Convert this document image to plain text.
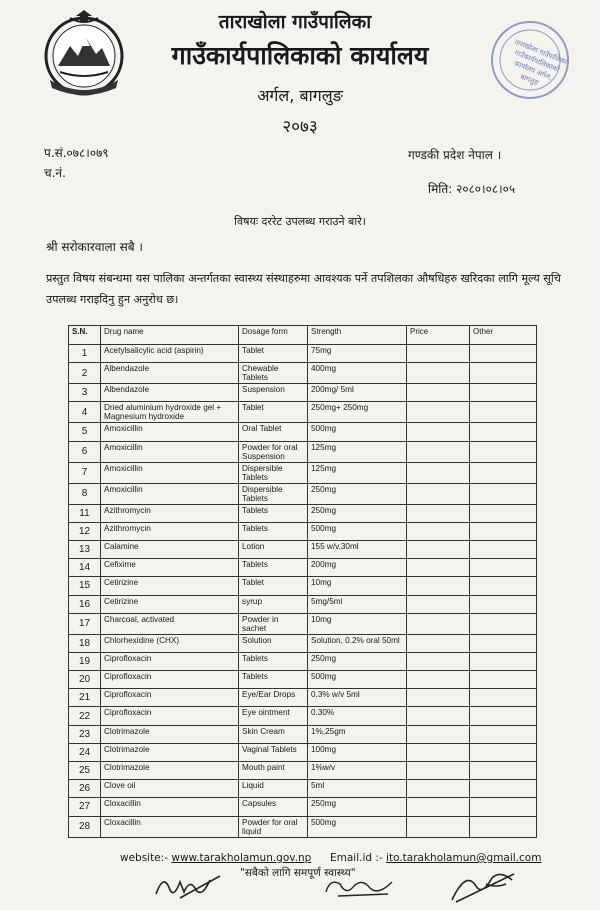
ताराखोला गाउँपालिका गाउँकार्यपालिकाको कार्यालय अर्गल, बागलुङ
ताराखोला गाउँपालिका
गाउँकार्यपालिकाको कार्यालय
अर्गल, बागलुङ
२०७३
प.सं.०७८।०७९
च.नं.
गण्डकी प्रदेश नेपाल ।
मिति: २०८०।०८।०५
विषयः दररेट उपलब्ध गराउने बारे।
श्री सरोकारवाला सबै ।
प्रस्तुत विषय संबन्धमा यस पालिका अन्तर्गतका स्वास्थ्य संस्थाहरुमा आवश्यक पर्ने तपशिलका औषधिहरु खरिदका लागि मूल्य सूचि उपलब्ध गराइदिनु हुन अनुरोध छ।
S.N.	Drug name	Dosage form	Strength	Price	Other
1	Acetylsalicylic acid (aspirin)	Tablet	75mg		
2	Albendazole	Chewable Tablets	400mg		
3	Albendazole	Suspension	200mg/ 5ml		
4	Dried aluminium hydroxide gel + Magnesium hydroxide	Tablet	250mg+ 250mg		
5	Amoxicillin	Oral Tablet	500mg		
6	Amoxicillin	Powder for oral Suspension	125mg		
7	Amoxicillin	Dispersible Tablets	125mg		
8	Amoxicillin	Dispersible Tablets	250mg		
11	Azithromycin	Tablets	250mg		
12	Azithromycin	Tablets	500mg		
13	Calamine	Lotion	155 w/v,30ml		
14	Cefixime	Tablets	200mg		
15	Cetirizine	Tablet	10mg		
16	Cetirizine	syrup	5mg/5ml		
17	Charcoal, activated	Powder in sachet	10mg		
18	Chlorhexidine (CHX)	Solution	Solution, 0.2% oral 50ml		
19	Ciprofloxacin	Tablets	250mg		
20	Ciprofloxacin	Tablets	500mg		
21	Ciprofloxacin	Eye/Ear Drops	0.3% w/v 5ml		
22	Ciprofloxacin	Eye ointment	0.30%		
23	Clotrimazole	Skin Cream	1%,25gm		
24	Clotrimazole	Vaginal Tablets	100mg		
25	Clotrimazole	Mouth paint	1%w/v		
26	Clove oil	Liquid	5ml		
27	Cloxacillin	Capsules	250mg		
28	Cloxacillin	Powder for oral liquid	500mg		
website:- www.tarakholamun.gov.np Email.id :- ito.tarakholamun@gmail.com
"सबैको लागि समपूर्ण स्वास्थ्य"
